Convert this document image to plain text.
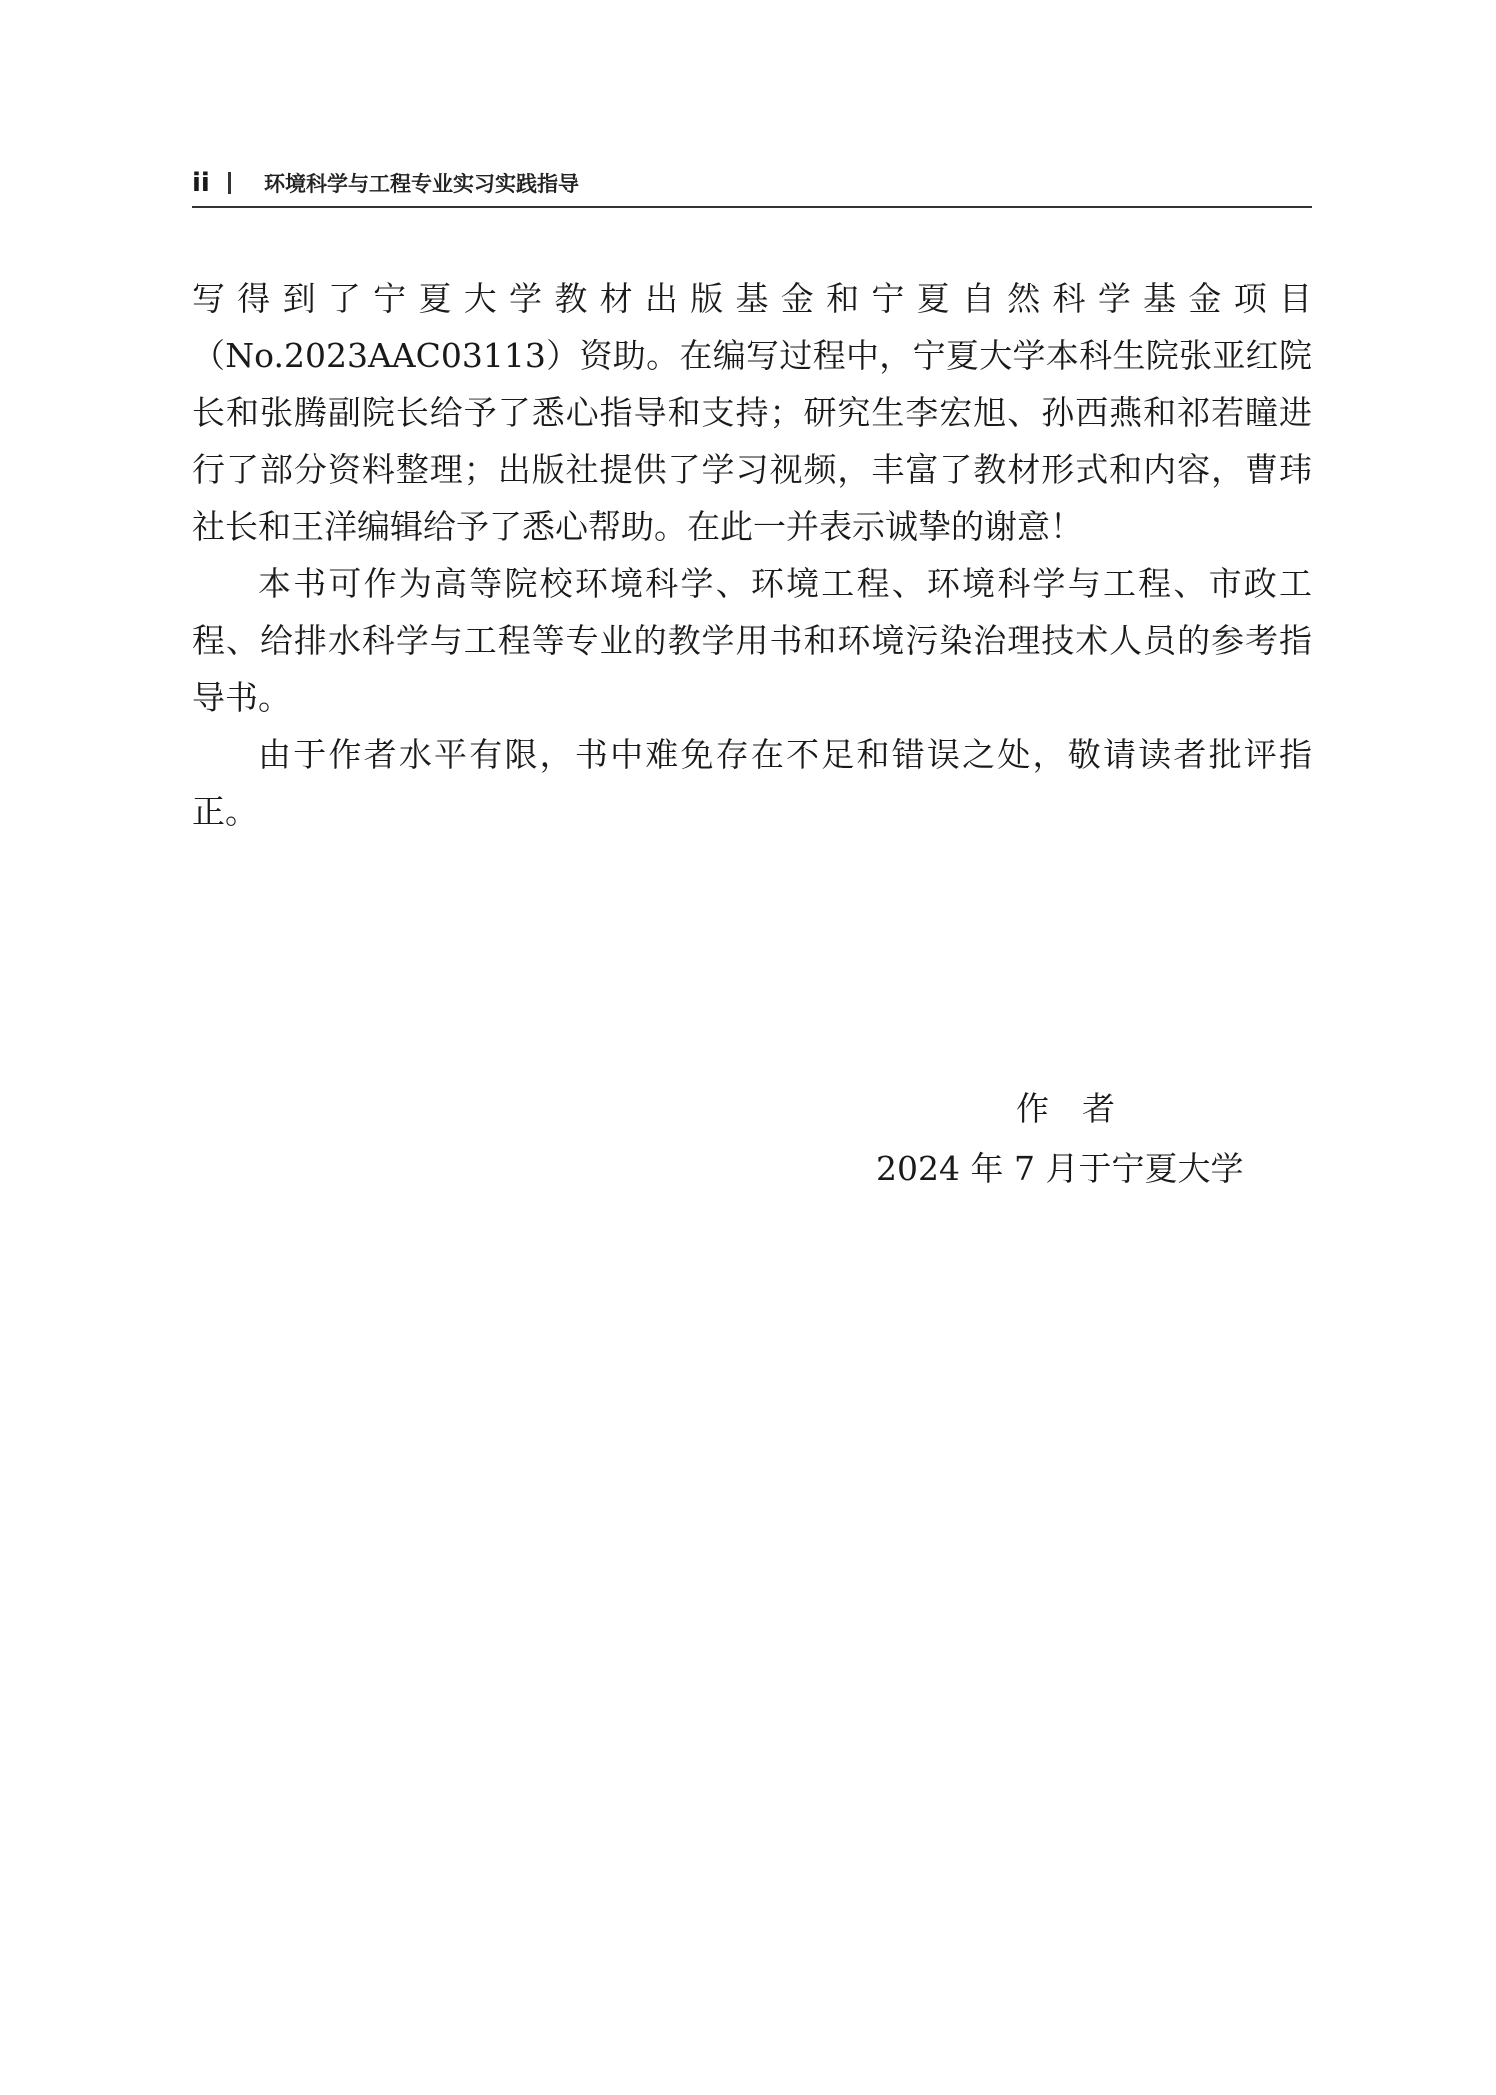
ii	环境科学与工程专业实习实践指导

写得到了宁夏大学教材出版基金和宁夏自然科学基金项目（No.2023AAC03113）资助。在编写过程中，宁夏大学本科生院张亚红院长和张腾副院长给予了悉心指导和支持；研究生李宏旭、孙西燕和祁若瞳进行了部分资料整理；出版社提供了学习视频，丰富了教材形式和内容，曹玮社长和王洋编辑给予了悉心帮助。在此一并表示诚挚的谢意！

本书可作为高等院校环境科学、环境工程、环境科学与工程、市政工程、给排水科学与工程等专业的教学用书和环境污染治理技术人员的参考指导书。

由于作者水平有限，书中难免存在不足和错误之处，敬请读者批评指正。

作　者
2024 年 7 月于宁夏大学
